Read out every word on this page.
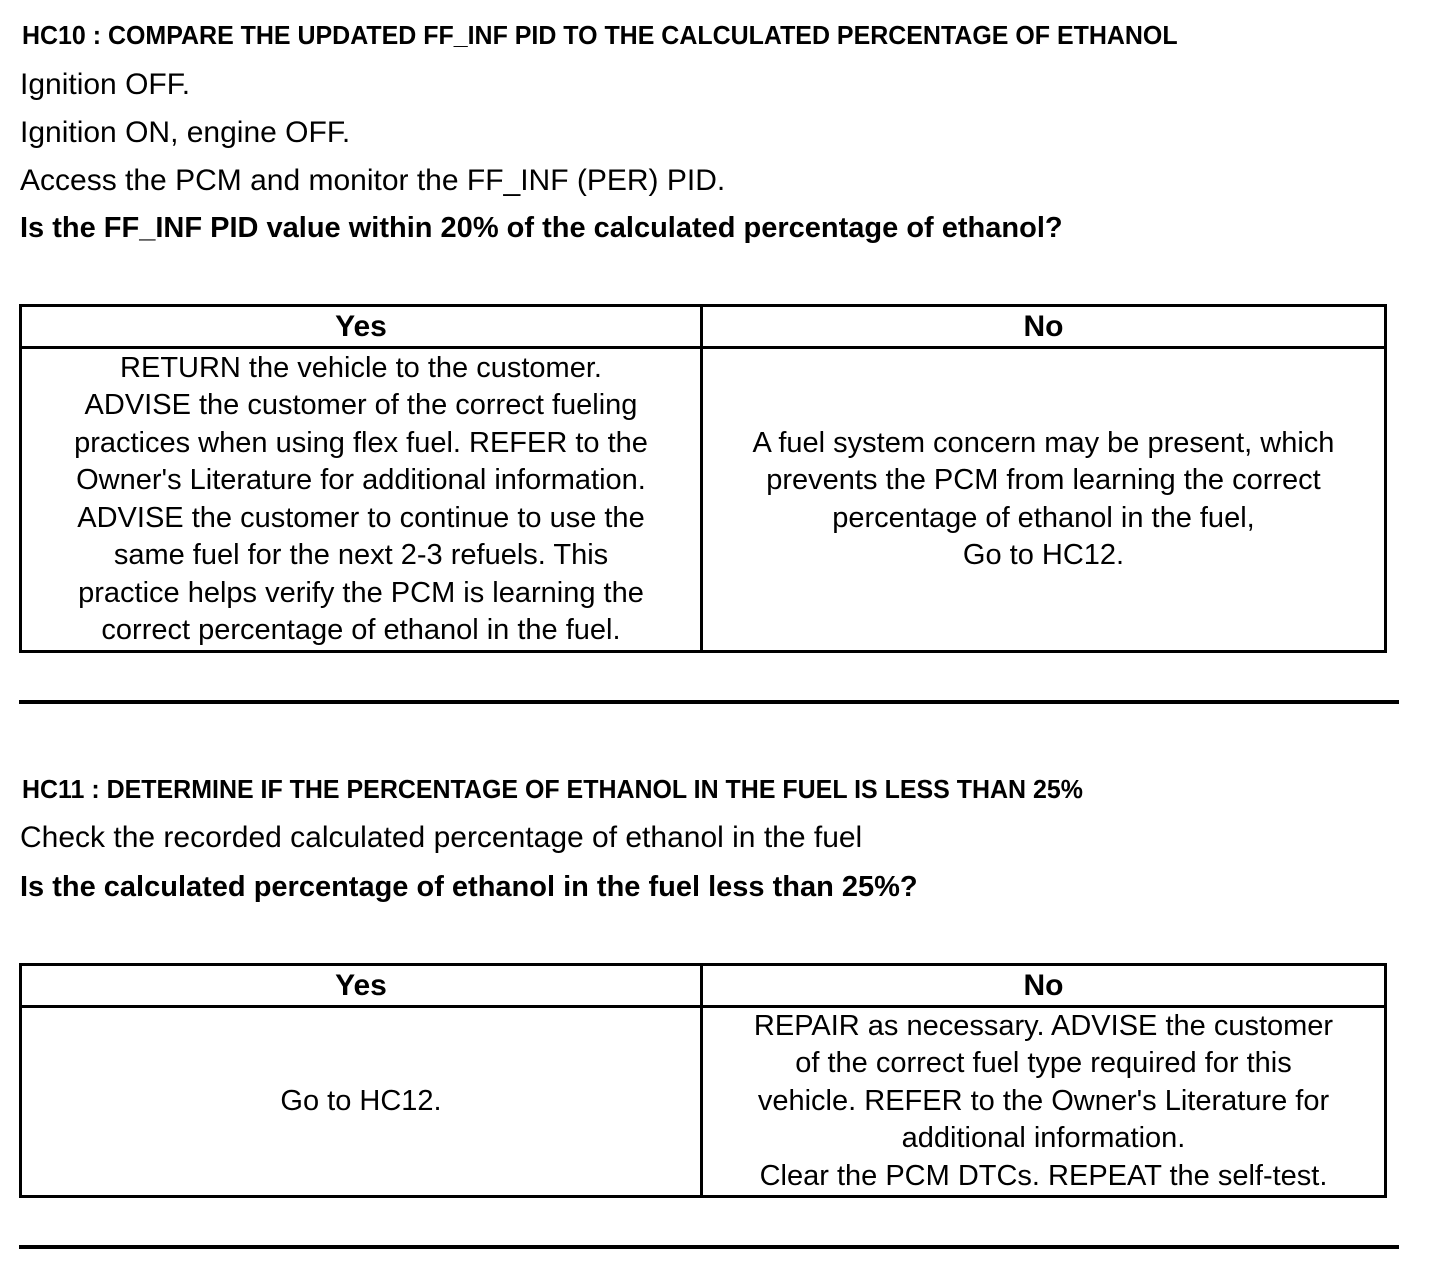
HC10 : COMPARE THE UPDATED FF_INF PID TO THE CALCULATED PERCENTAGE OF ETHANOL
Ignition OFF.
Ignition ON, engine OFF.
Access the PCM and monitor the FF_INF (PER) PID.
Is the FF_INF PID value within 20% of the calculated percentage of ethanol?
Yes	No
RETURN the vehicle to the customer.
ADVISE the customer of the correct fueling
practices when using flex fuel. REFER to the
Owner's Literature for additional information.
ADVISE the customer to continue to use the
same fuel for the next 2-3 refuels. This
practice helps verify the PCM is learning the
correct percentage of ethanol in the fuel.
A fuel system concern may be present, which
prevents the PCM from learning the correct
percentage of ethanol in the fuel,
Go to HC12.
HC11 : DETERMINE IF THE PERCENTAGE OF ETHANOL IN THE FUEL IS LESS THAN 25%
Check the recorded calculated percentage of ethanol in the fuel
Is the calculated percentage of ethanol in the fuel less than 25%?
Yes	No
Go to HC12.
REPAIR as necessary. ADVISE the customer
of the correct fuel type required for this
vehicle. REFER to the Owner's Literature for
additional information.
Clear the PCM DTCs. REPEAT the self-test.
